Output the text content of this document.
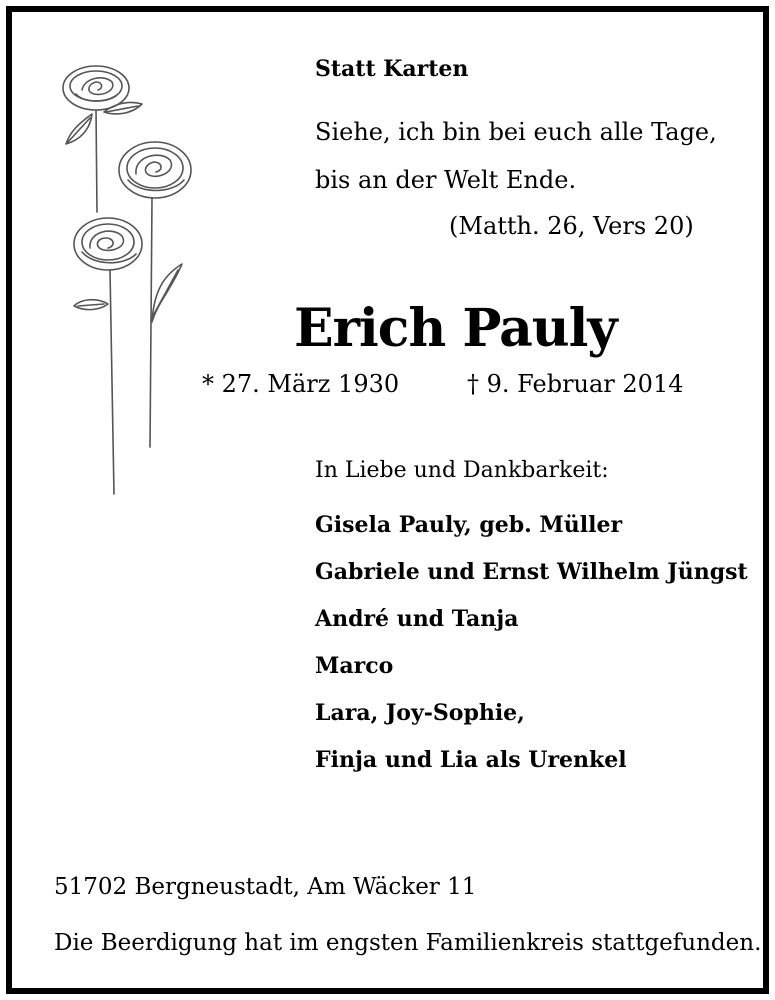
Statt Karten
Siehe, ich bin bei euch alle Tage,
bis an der Welt Ende.
(Matth. 26, Vers 20)
Erich Pauly
* 27. März 1930	† 9. Februar 2014
In Liebe und Dankbarkeit:
Gisela Pauly, geb. Müller
Gabriele und Ernst Wilhelm Jüngst
André und Tanja
Marco
Lara, Joy-Sophie,
Finja und Lia als Urenkel
51702 Bergneustadt, Am Wäcker 11
Die Beerdigung hat im engsten Familienkreis stattgefunden.
